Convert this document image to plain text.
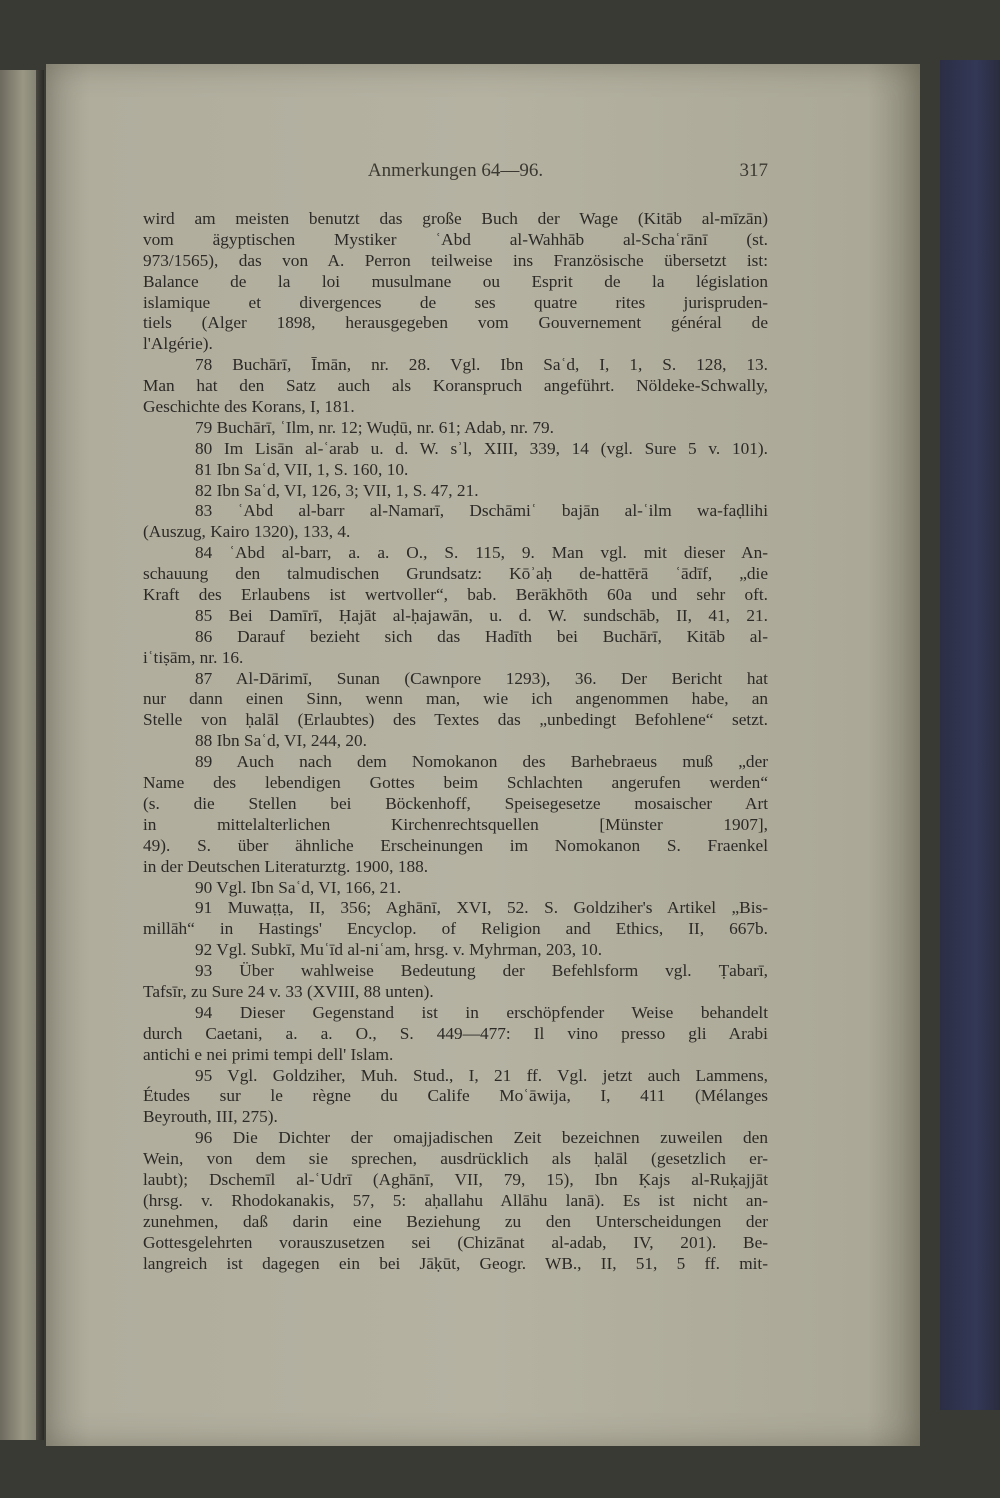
Anmerkungen 64—96.	317
wird am meisten benutzt das große Buch der Wage (Kitāb al-mīzān)
vom ägyptischen Mystiker ʿAbd al-Wahhāb al-Schaʿrānī (st.
973/1565), das von A. Perron teilweise ins Französische übersetzt ist:
Balance de la loi musulmane ou Esprit de la législation
islamique et divergences de ses quatre rites jurispruden-
tiels (Alger 1898, herausgegeben vom Gouvernement général de
l'Algérie).
78 Buchārī, Īmān, nr. 28. Vgl. Ibn Saʿd, I, 1, S. 128, 13.
Man hat den Satz auch als Koranspruch angeführt. Nöldeke-Schwally,
Geschichte des Korans, I, 181.
79 Buchārī, ʿIlm, nr. 12; Wuḍū, nr. 61; Adab, nr. 79.
80 Im Lisān al-ʿarab u. d. W. sʾl, XIII, 339, 14 (vgl. Sure 5 v. 101).
81 Ibn Saʿd, VII, 1, S. 160, 10.
82 Ibn Saʿd, VI, 126, 3; VII, 1, S. 47, 21.
83 ʿAbd al-barr al-Namarī, Dschāmiʿ bajān al-ʿilm wa-faḍlihi
(Auszug, Kairo 1320), 133, 4.
84 ʿAbd al-barr, a. a. O., S. 115, 9. Man vgl. mit dieser An-
schauung den talmudischen Grundsatz: Kōʾaḥ de-hattērā ʿādīf, „die
Kraft des Erlaubens ist wertvoller“, bab. Berākhōth 60a und sehr oft.
85 Bei Damīrī, Ḥajāt al-ḥajawān, u. d. W. sundschāb, II, 41, 21.
86 Darauf bezieht sich das Hadīth bei Buchārī, Kitāb al-
iʿtiṣām, nr. 16.
87 Al-Dārimī, Sunan (Cawnpore 1293), 36. Der Bericht hat
nur dann einen Sinn, wenn man, wie ich angenommen habe, an
Stelle von ḥalāl (Erlaubtes) des Textes das „unbedingt Befohlene“ setzt.
88 Ibn Saʿd, VI, 244, 20.
89 Auch nach dem Nomokanon des Barhebraeus muß „der
Name des lebendigen Gottes beim Schlachten angerufen werden“
(s. die Stellen bei Böckenhoff, Speisegesetze mosaischer Art
in mittelalterlichen Kirchenrechtsquellen [Münster 1907],
49). S. über ähnliche Erscheinungen im Nomokanon S. Fraenkel
in der Deutschen Literaturztg. 1900, 188.
90 Vgl. Ibn Saʿd, VI, 166, 21.
91 Muwaṭṭa, II, 356; Aghānī, XVI, 52. S. Goldziher's Artikel „Bis-
millāh“ in Hastings' Encyclop. of Religion and Ethics, II, 667b.
92 Vgl. Subkī, Muʿīd al-niʿam, hrsg. v. Myhrman, 203, 10.
93 Über wahlweise Bedeutung der Befehlsform vgl. Ṭabarī,
Tafsīr, zu Sure 24 v. 33 (XVIII, 88 unten).
94 Dieser Gegenstand ist in erschöpfender Weise behandelt
durch Caetani, a. a. O., S. 449—477: Il vino presso gli Arabi
antichi e nei primi tempi dell' Islam.
95 Vgl. Goldziher, Muh. Stud., I, 21 ff. Vgl. jetzt auch Lammens,
Études sur le règne du Calife Moʿāwija, I, 411 (Mélanges
Beyrouth, III, 275).
96 Die Dichter der omajjadischen Zeit bezeichnen zuweilen den
Wein, von dem sie sprechen, ausdrücklich als ḥalāl (gesetzlich er-
laubt); Dschemīl al-ʿUdrī (Aghānī, VII, 79, 15), Ibn Ḳajs al-Ruḳajjāt
(hrsg. v. Rhodokanakis, 57, 5: aḥallahu Allāhu lanā). Es ist nicht an-
zunehmen, daß darin eine Beziehung zu den Unterscheidungen der
Gottesgelehrten vorauszusetzen sei (Chizānat al-adab, IV, 201). Be-
langreich ist dagegen ein bei Jāḳūt, Geogr. WB., II, 51, 5 ff. mit-
